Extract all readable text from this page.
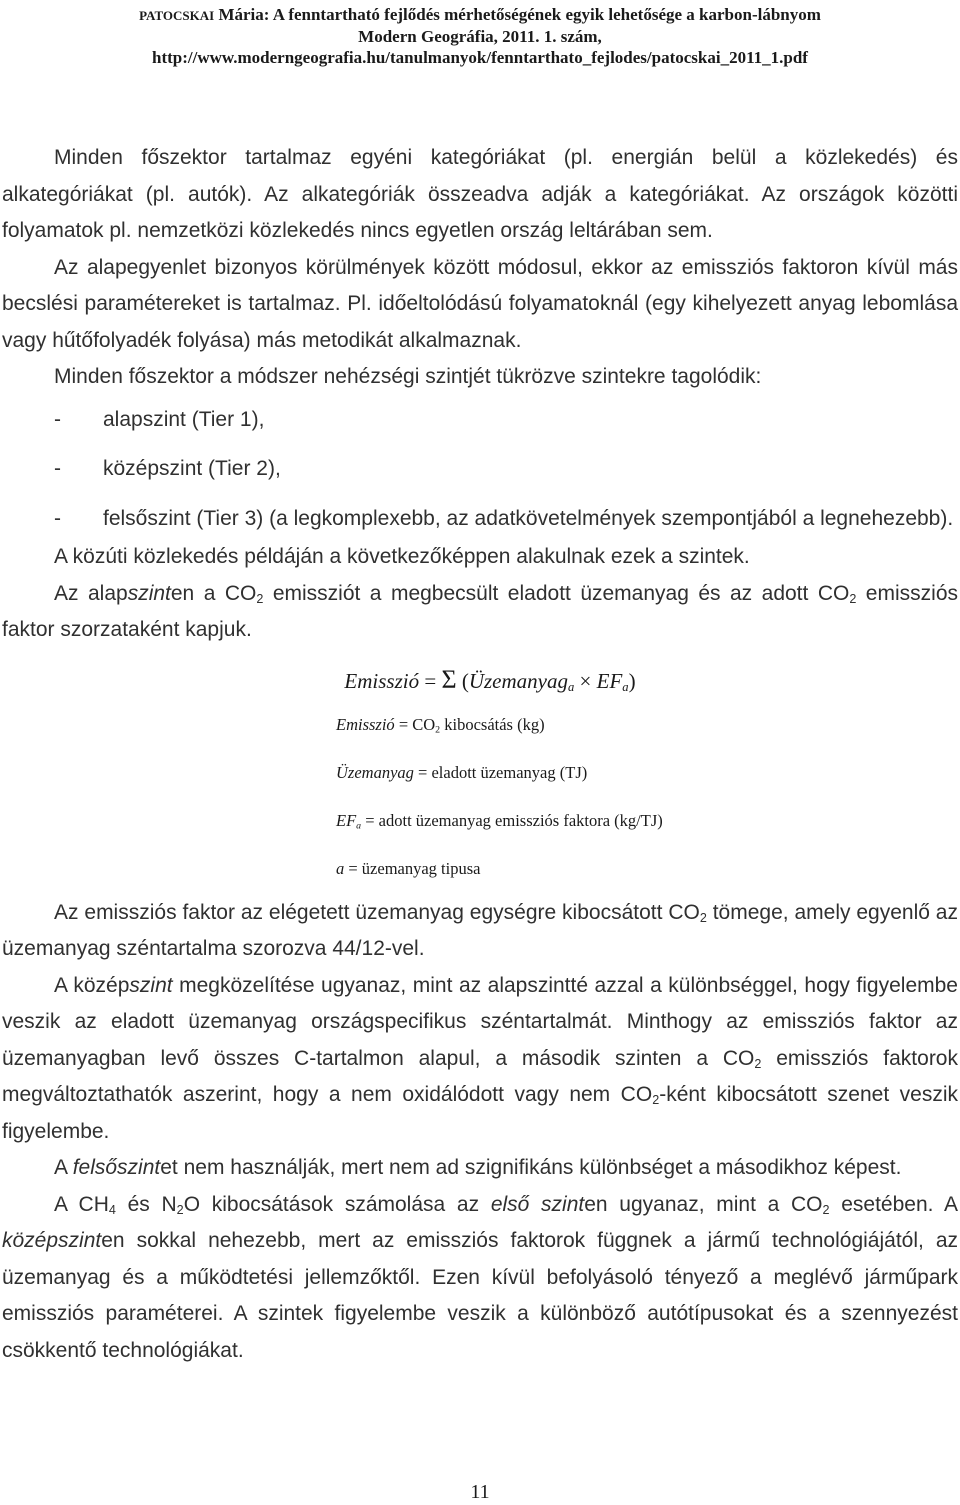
PATOCSKAI Mária: A fenntartható fejlődés mérhetőségének egyik lehetősége a karbon-lábnyom
Modern Geográfia, 2011. 1. szám,
http://www.moderngeografia.hu/tanulmanyok/fenntarthato_fejlodes/patocskai_2011_1.pdf

Minden főszektor tartalmaz egyéni kategóriákat (pl. energián belül a közlekedés) és alkategóriákat (pl. autók). Az alkategóriák összeadva adják a kategóriákat. Az országok közötti folyamatok pl. nemzetközi közlekedés nincs egyetlen ország leltárában sem.

Az alapegyenlet bizonyos körülmények között módosul, ekkor az emissziós faktoron kívül más becslési paramétereket is tartalmaz. Pl. időeltolódású folyamatoknál (egy kihelyezett anyag lebomlása vagy hűtőfolyadék folyása) más metodikát alkalmaznak.

Minden főszektor a módszer nehézségi szintjét tükrözve szintekre tagolódik:

- alapszint (Tier 1),
- középszint (Tier 2),
- felsőszint (Tier 3) (a legkomplexebb, az adatkövetelmények szempontjából a legnehezebb).

A közúti közlekedés példáján a következőképpen alakulnak ezek a szintek.

Az alapszinten a $CO_2$ emissziót a megbecsült eladott üzemanyag és az adott $CO_2$ emissziós faktor szorzataként kapjuk.

Emisszió = Σ (Üzemanyag$_a$ × $EF_a$)
Emisszió = $CO_2$ kibocsátás (kg)
Üzemanyag = eladott üzemanyag (TJ)
$EF_a$ = adott üzemanyag emissziós faktora (kg/TJ)
a = üzemanyag tipusa

Az emissziós faktor az elégetett üzemanyag egységre kibocsátott $CO_2$ tömege, amely egyenlő az üzemanyag széntartalma szorozva 44/12-vel.

A középszint megközelítése ugyanaz, mint az alapszintté azzal a különbséggel, hogy figyelembe veszik az eladott üzemanyag országspecifikus széntartalmát. Minthogy az emissziós faktor az üzemanyagban levő összes C-tartalmon alapul, a második szinten a $CO_2$ emissziós faktorok megváltoztathatók aszerint, hogy a nem oxidálódott vagy nem $CO_2$-ként kibocsátott szenet veszik figyelembe.

A felsőszintet nem használják, mert nem ad szignifikáns különbséget a másodikhoz képest.

A $CH_4$ és $N_2O$ kibocsátások számolása az első szinten ugyanaz, mint a $CO_2$ esetében. A középszinten sokkal nehezebb, mert az emissziós faktorok függnek a jármű technológiájától, az üzemanyag és a működtetési jellemzőktől. Ezen kívül befolyásoló tényező a meglévő járműpark emissziós paraméterei. A szintek figyelembe veszik a különböző autótípusokat és a szennyezést csökkentő technológiákat.

11
